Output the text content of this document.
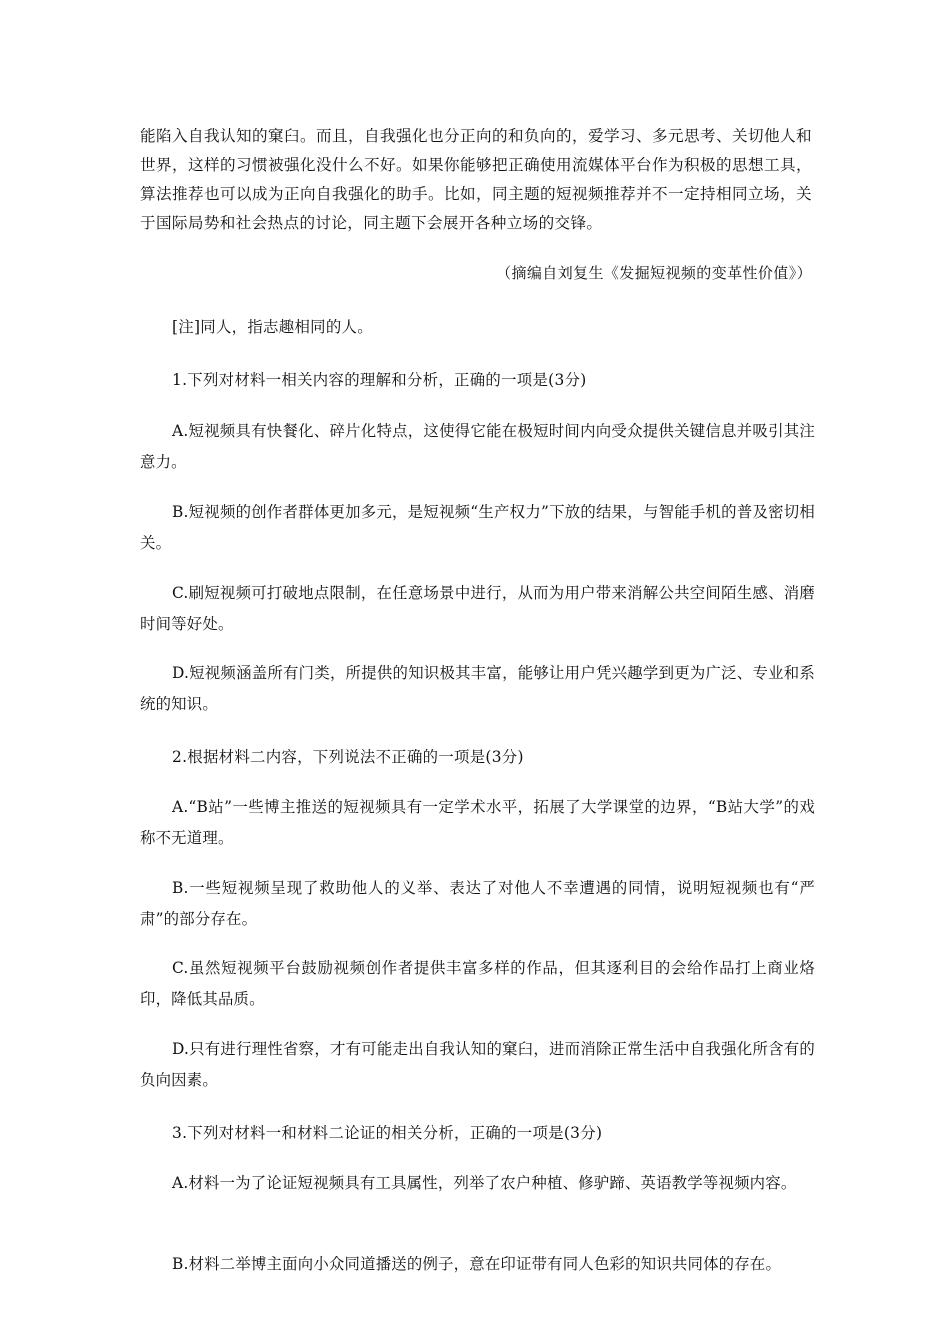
能陷入自我认知的窠臼。而且，自我强化也分正向的和负向的，爱学习、多元思考、关切他人和世界，这样的习惯被强化没什么不好。如果你能够把正确使用流媒体平台作为积极的思想工具，算法推荐也可以成为正向自我强化的助手。比如，同主题的短视频推荐并不一定持相同立场，关于国际局势和社会热点的讨论，同主题下会展开各种立场的交锋。

（摘编自刘复生《发掘短视频的变革性价值》）
[注]同人，指志趣相同的人。
1.下列对材料一相关内容的理解和分析，正确的一项是(3分)

A.短视频具有快餐化、碎片化特点，这使得它能在极短时间内向受众提供关键信息并吸引其注意力。

B.短视频的创作者群体更加多元，是短视频“生产权力”下放的结果，与智能手机的普及密切相关。

C.刷短视频可打破地点限制，在任意场景中进行，从而为用户带来消解公共空间陌生感、消磨时间等好处。

D.短视频涵盖所有门类，所提供的知识极其丰富，能够让用户凭兴趣学到更为广泛、专业和系统的知识。

2.根据材料二内容，下列说法不正确的一项是(3分)

A.“B站”一些博主推送的短视频具有一定学术水平，拓展了大学课堂的边界，“B站大学”的戏称不无道理。

B.一些短视频呈现了救助他人的义举、表达了对他人不幸遭遇的同情，说明短视频也有“严肃”的部分存在。

C.虽然短视频平台鼓励视频创作者提供丰富多样的作品，但其逐利目的会给作品打上商业烙印，降低其品质。

D.只有进行理性省察，才有可能走出自我认知的窠臼，进而消除正常生活中自我强化所含有的负向因素。

3.下列对材料一和材料二论证的相关分析，正确的一项是(3分)

A.材料一为了论证短视频具有工具属性，列举了农户种植、修驴蹄、英语教学等视频内容。

B.材料二举博主面向小众同道播送的例子，意在印证带有同人色彩的知识共同体的存在。
